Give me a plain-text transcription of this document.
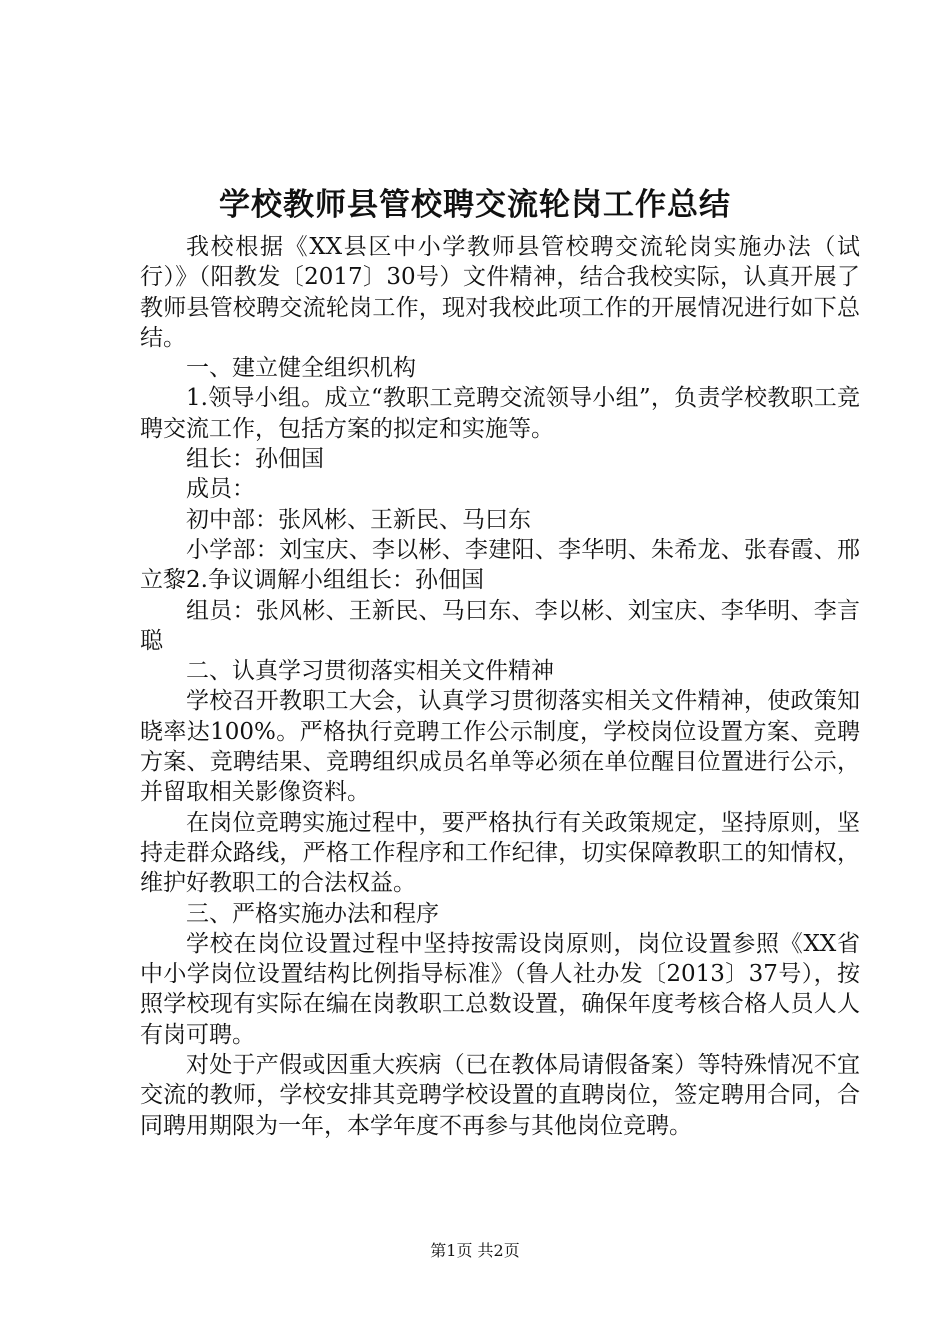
学校教师县管校聘交流轮岗工作总结

我校根据《XX县区中小学教师县管校聘交流轮岗实施办法（试行）》（阳教发〔2017〕30号）文件精神，结合我校实际，认真开展了教师县管校聘交流轮岗工作，现对我校此项工作的开展情况进行如下总结。

一、建立健全组织机构

1.领导小组。成立“教职工竞聘交流领导小组”，负责学校教职工竞聘交流工作，包括方案的拟定和实施等。

组长：孙佃国

成员：

初中部：张风彬、王新民、马曰东

小学部：刘宝庆、李以彬、李建阳、李华明、朱希龙、张春霞、邢立黎2.争议调解小组组长：孙佃国

组员：张风彬、王新民、马曰东、李以彬、刘宝庆、李华明、李言聪

二、认真学习贯彻落实相关文件精神

学校召开教职工大会，认真学习贯彻落实相关文件精神，使政策知晓率达100%。严格执行竞聘工作公示制度，学校岗位设置方案、竞聘方案、竞聘结果、竞聘组织成员名单等必须在单位醒目位置进行公示，并留取相关影像资料。

在岗位竞聘实施过程中，要严格执行有关政策规定，坚持原则，坚持走群众路线，严格工作程序和工作纪律，切实保障教职工的知情权，维护好教职工的合法权益。

三、严格实施办法和程序

学校在岗位设置过程中坚持按需设岗原则，岗位设置参照《XX省中小学岗位设置结构比例指导标准》（鲁人社办发〔2013〕37号），按照学校现有实际在编在岗教职工总数设置，确保年度考核合格人员人人有岗可聘。

对处于产假或因重大疾病（已在教体局请假备案）等特殊情况不宜交流的教师，学校安排其竞聘学校设置的直聘岗位，签定聘用合同，合同聘用期限为一年，本学年度不再参与其他岗位竞聘。

第1页 共2页
